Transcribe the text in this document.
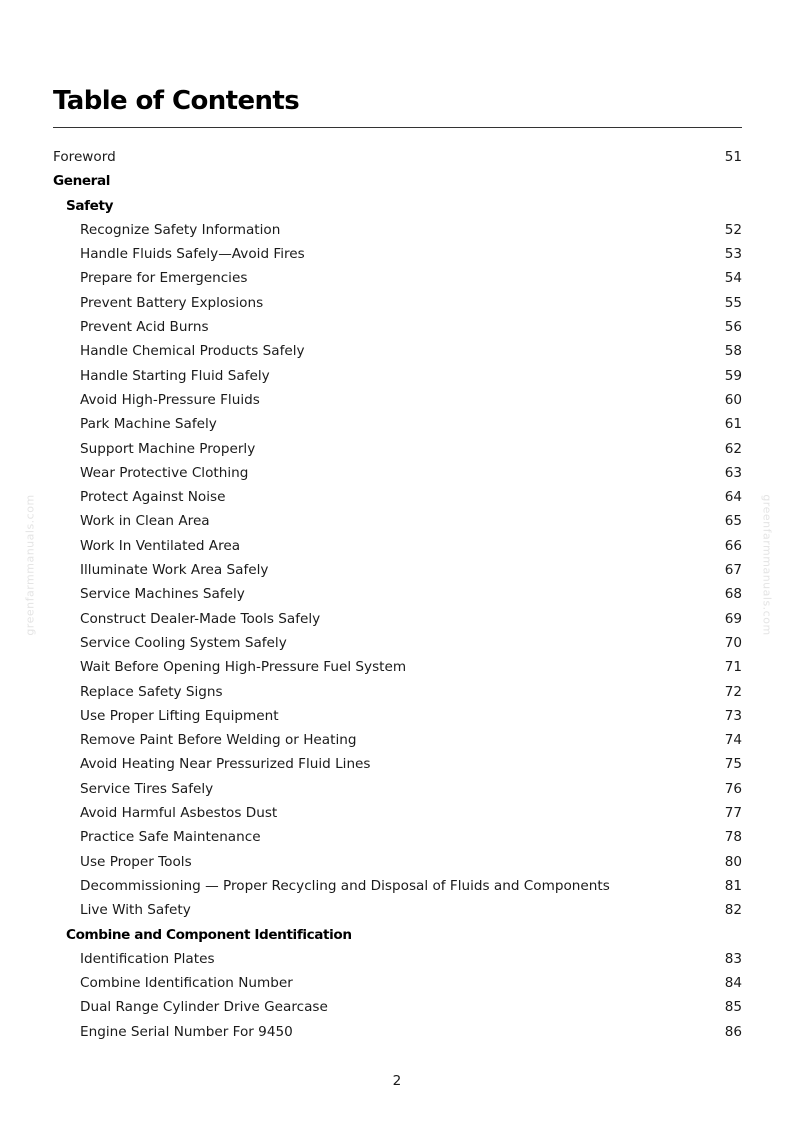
greenfarmmanuals.com	greenfarmmanuals.com
Table of Contents
Foreword	51
General
Safety
Recognize Safety Information	52
Handle Fluids Safely—Avoid Fires	53
Prepare for Emergencies	54
Prevent Battery Explosions	55
Prevent Acid Burns	56
Handle Chemical Products Safely	58
Handle Starting Fluid Safely	59
Avoid High-Pressure Fluids	60
Park Machine Safely	61
Support Machine Properly	62
Wear Protective Clothing	63
Protect Against Noise	64
Work in Clean Area	65
Work In Ventilated Area	66
Illuminate Work Area Safely	67
Service Machines Safely	68
Construct Dealer-Made Tools Safely	69
Service Cooling System Safely	70
Wait Before Opening High-Pressure Fuel System	71
Replace Safety Signs	72
Use Proper Lifting Equipment	73
Remove Paint Before Welding or Heating	74
Avoid Heating Near Pressurized Fluid Lines	75
Service Tires Safely	76
Avoid Harmful Asbestos Dust	77
Practice Safe Maintenance	78
Use Proper Tools	80
Decommissioning — Proper Recycling and Disposal of Fluids and Components	81
Live With Safety	82
Combine and Component Identification
Identification Plates	83
Combine Identification Number	84
Dual Range Cylinder Drive Gearcase	85
Engine Serial Number For 9450	86
2
